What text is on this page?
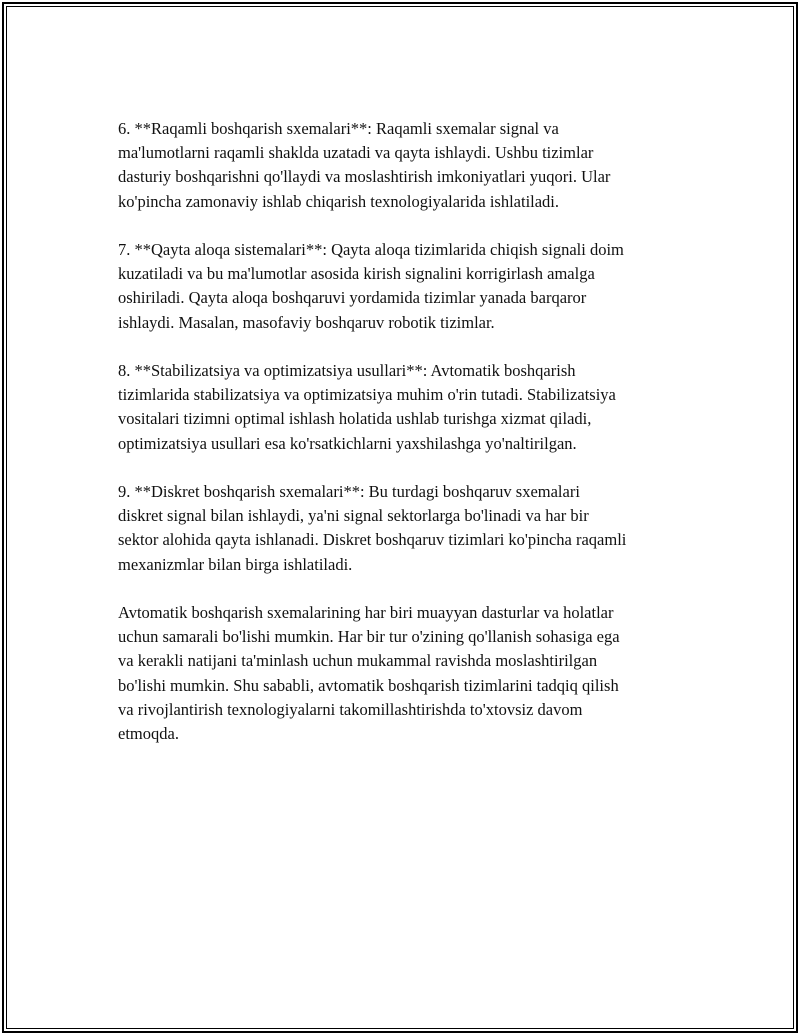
6. **Raqamli boshqarish sxemalari**: Raqamli sxemalar signal va
ma'lumotlarni raqamli shaklda uzatadi va qayta ishlaydi. Ushbu tizimlar
dasturiy boshqarishni qo'llaydi va moslashtirish imkoniyatlari yuqori. Ular
ko'pincha zamonaviy ishlab chiqarish texnologiyalarida ishlatiladi.

7. **Qayta aloqa sistemalari**: Qayta aloqa tizimlarida chiqish signali doim
kuzatiladi va bu ma'lumotlar asosida kirish signalini korrigirlash amalga
oshiriladi. Qayta aloqa boshqaruvi yordamida tizimlar yanada barqaror
ishlaydi. Masalan, masofaviy boshqaruv robotik tizimlar.

8. **Stabilizatsiya va optimizatsiya usullari**: Avtomatik boshqarish
tizimlarida stabilizatsiya va optimizatsiya muhim o'rin tutadi. Stabilizatsiya
vositalari tizimni optimal ishlash holatida ushlab turishga xizmat qiladi,
optimizatsiya usullari esa ko'rsatkichlarni yaxshilashga yo'naltirilgan.

9. **Diskret boshqarish sxemalari**: Bu turdagi boshqaruv sxemalari
diskret signal bilan ishlaydi, ya'ni signal sektorlarga bo'linadi va har bir
sektor alohida qayta ishlanadi. Diskret boshqaruv tizimlari ko'pincha raqamli
mexanizmlar bilan birga ishlatiladi.

Avtomatik boshqarish sxemalarining har biri muayyan dasturlar va holatlar
uchun samarali bo'lishi mumkin. Har bir tur o'zining qo'llanish sohasiga ega
va kerakli natijani ta'minlash uchun mukammal ravishda moslashtirilgan
bo'lishi mumkin. Shu sababli, avtomatik boshqarish tizimlarini tadqiq qilish
va rivojlantirish texnologiyalarni takomillashtirishda to'xtovsiz davom
etmoqda.
